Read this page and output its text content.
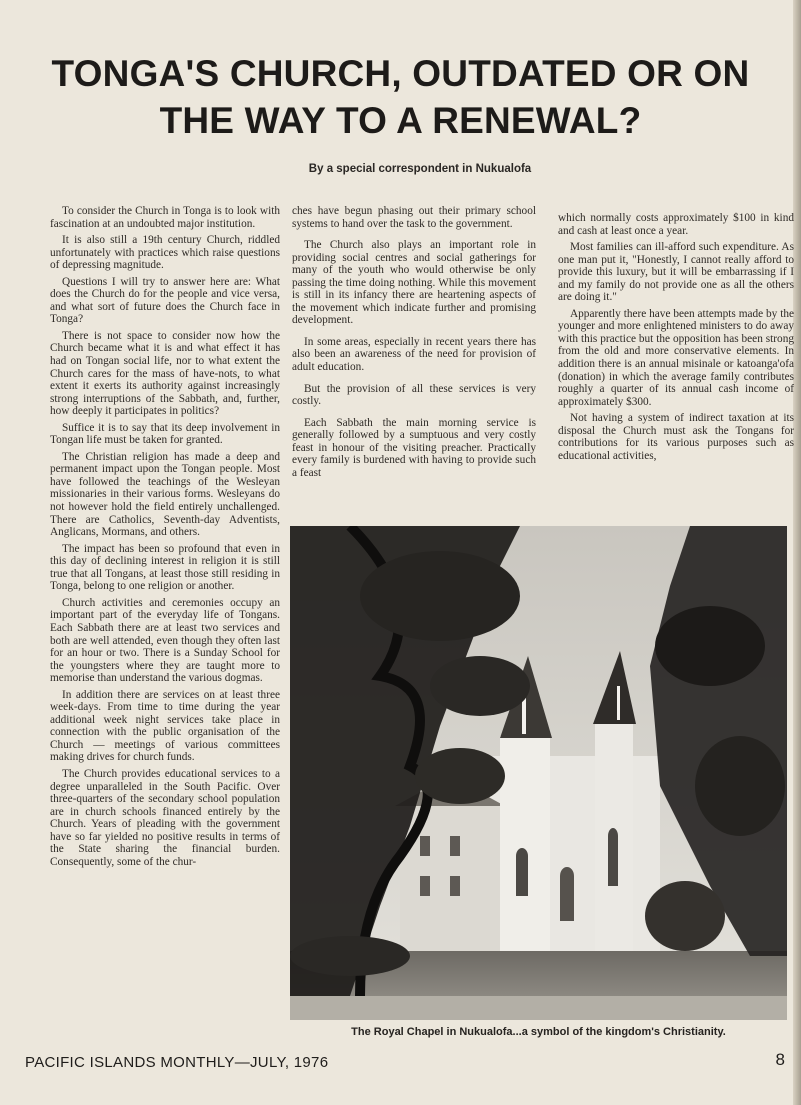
TONGA'S CHURCH, OUTDATED OR ON THE WAY TO A RENEWAL?
By a special correspondent in Nukualofa

To consider the Church in Tonga is to look with fascination at an undoubted major institution.

It is also still a 19th century Church, riddled unfortunately with practices which raise questions of depressing magnitude.

Questions I will try to answer here are: What does the Church do for the people and vice versa, and what sort of future does the Church face in Tonga?

There is not space to consider now how the Church became what it is and what effect it has had on Tongan social life, nor to what extent the Church cares for the mass of have-nots, to what extent it exerts its authority against increasingly strong interruptions of the Sabbath, and, further, how deeply it participates in politics?

Suffice it is to say that its deep involvement in Tongan life must be taken for granted.

The Christian religion has made a deep and permanent impact upon the Tongan people. Most have followed the teachings of the Wesleyan missionaries in their various forms. Wesleyans do not however hold the field entirely unchallenged. There are Catholics, Seventh-day Adventists, Anglicans, Mormans, and others.

The impact has been so profound that even in this day of declining interest in religion it is still true that all Tongans, at least those still residing in Tonga, belong to one religion or another.

Church activities and ceremonies occupy an important part of the everyday life of Tongans. Each Sabbath there are at least two services and both are well attended, even though they often last for an hour or two. There is a Sunday School for the youngsters where they are taught more to memorise than understand the various dogmas.

In addition there are services on at least three week-days. From time to time during the year additional week night services take place in connection with the public organisation of the Church — meetings of various committees making drives for church funds.

The Church provides educational services to a degree unparalleled in the South Pacific. Over three-quarters of the secondary school population are in church schools financed entirely by the Church. Years of pleading with the government have so far yielded no positive results in terms of the State sharing the financial burden. Consequently, some of the chur-

ches have begun phasing out their primary school systems to hand over the task to the government.

The Church also plays an important role in providing social centres and social gatherings for many of the youth who would otherwise be only passing the time doing nothing. While this movement is still in its infancy there are heartening aspects of the movement which indicate further and promising development.

In some areas, especially in recent years there has also been an awareness of the need for provision of adult education.

But the provision of all these services is very costly.

Each Sabbath the main morning service is generally followed by a sumptuous and very costly feast in honour of the visiting preacher. Practically every family is burdened with having to provide such a feast

which normally costs approximately $100 in kind and cash at least once a year.

Most families can ill-afford such expenditure. As one man put it, "Honestly, I cannot really afford to provide this luxury, but it will be embarrassing if I and my family do not provide one as all the others are doing it."

Apparently there have been attempts made by the younger and more enlightened ministers to do away with this practice but the opposition has been strong from the old and more conservative elements. In addition there is an annual misinale or katoanga'ofa (donation) in which the average family contributes roughly a quarter of its annual cash income of approximately $300.

Not having a system of indirect taxation at its disposal the Church must ask the Tongans for contributions for its various purposes such as educational activities,

The Royal Chapel in Nukualofa...a symbol of the kingdom's Christianity.
PACIFIC ISLANDS MONTHLY—JULY, 1976	8
